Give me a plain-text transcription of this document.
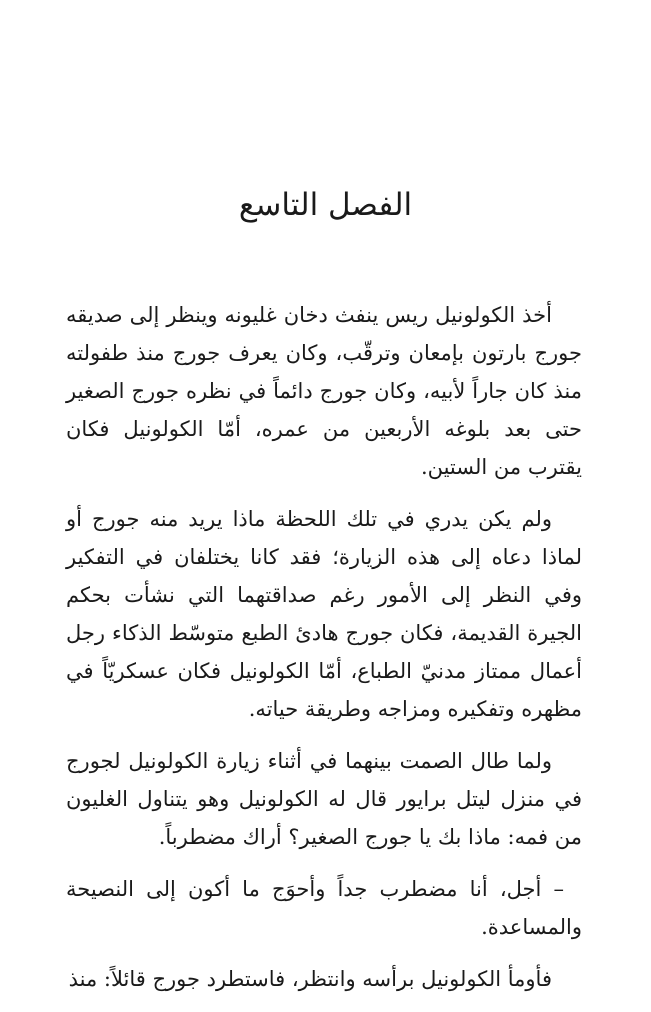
الفصل التاسع

أخذ الكولونيل ريس ينفث دخان غليونه وينظر إلى صديقه جورج بارتون بإمعان وترقّب، وكان يعرف جورج منذ طفولته منذ كان جاراً لأبيه، وكان جورج دائماً في نظره جورج الصغير حتى بعد بلوغه الأربعين من عمره، أمّا الكولونيل فكان يقترب من الستين.

ولم يكن يدري في تلك اللحظة ماذا يريد منه جورج أو لماذا دعاه إلى هذه الزيارة؛ فقد كانا يختلفان في التفكير وفي النظر إلى الأمور رغم صداقتهما التي نشأت بحكم الجيرة القديمة، فكان جورج هادئ الطبع متوسّط الذكاء رجل أعمال ممتاز مدنيّ الطباع، أمّا الكولونيل فكان عسكريّاً في مظهره وتفكيره ومزاجه وطريقة حياته.

ولما طال الصمت بينهما في أثناء زيارة الكولونيل لجورج في منزل ليتل برايور قال له الكولونيل وهو يتناول الغليون من فمه: ماذا بك يا جورج الصغير؟ أراك مضطرباً.

– أجل، أنا مضطرب جداً وأحوَج ما أكون إلى النصيحة والمساعدة.

فأومأ الكولونيل برأسه وانتظر، فاستطرد جورج قائلاً: منذ
